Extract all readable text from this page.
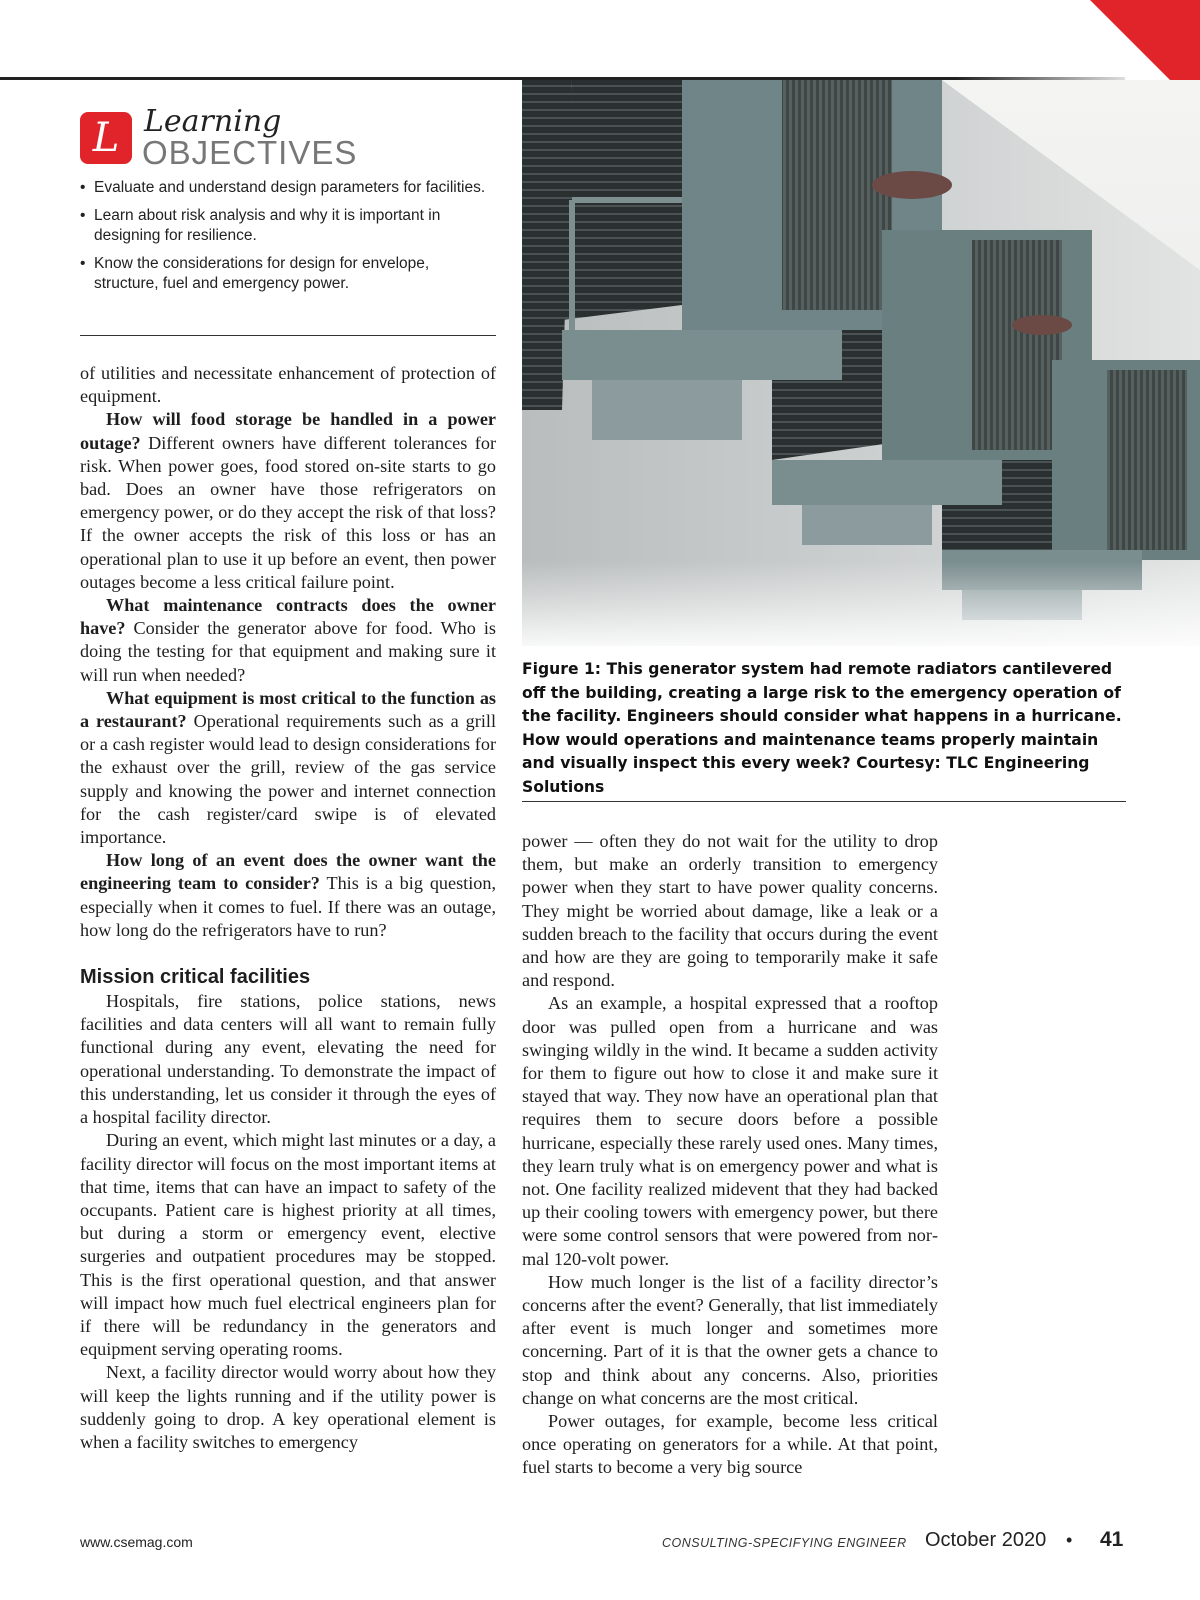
L Learning
OBJECTIVES
• Evaluate and understand design parameters for facilities.
• Learn about risk analysis and why it is important in designing for resilience.
• Know the considerations for design for envelope, structure, fuel and emergency power.

of utilities and necessitate enhancement of protection of equipment.

How will food storage be handled in a power outage? Different owners have different tolerances for risk. When power goes, food stored on-site starts to go bad. Does an owner have those refrigerators on emergency power, or do they accept the risk of that loss? If the owner accepts the risk of this loss or has an operational plan to use it up before an event, then power outages become a less critical failure point.

What maintenance contracts does the owner have? Consider the generator above for food. Who is doing the testing for that equipment and making sure it will run when needed?

What equipment is most critical to the function as a restaurant? Operational requirements such as a grill or a cash register would lead to design considerations for the exhaust over the grill, review of the gas service supply and knowing the power and internet connection for the cash register/card swipe is of elevated importance.

How long of an event does the owner want the engineering team to consider? This is a big question, especially when it comes to fuel. If there was an outage, how long do the refrigerators have to run?

Mission critical facilities

Hospitals, fire stations, police stations, news facilities and data centers will all want to remain fully functional during any event, elevating the need for operational understanding. To demonstrate the impact of this understanding, let us consider it through the eyes of a hospital facility director.

During an event, which might last minutes or a day, a facility director will focus on the most important items at that time, items that can have an impact to safety of the occupants. Patient care is highest priority at all times, but during a storm or emergency event, elective surgeries and outpatient procedures may be stopped. This is the first operational question, and that answer will impact how much fuel electrical engineers plan for if there will be redundancy in the generators and equipment serving operating rooms.

Next, a facility director would worry about how they will keep the lights running and if the utility power is suddenly going to drop. A key operational element is when a facility switches to emergency

Figure 1: This generator system had remote radiators cantilevered off the building, creating a large risk to the emergency operation of the facility. Engineers should consider what happens in a hurricane. How would operations and maintenance teams properly maintain and visually inspect this every week? Courtesy: TLC Engineering Solutions

power — often they do not wait for the utility to drop them, but make an orderly transition to emergency power when they start to have power quality concerns. They might be worried about damage, like a leak or a sudden breach to the facility that occurs during the event and how are they are going to temporarily make it safe and respond.

As an example, a hospital expressed that a rooftop door was pulled open from a hurricane and was swinging wildly in the wind. It became a sudden activity for them to figure out how to close it and make sure it stayed that way. They now have an operational plan that requires them to secure doors before a possible hurricane, especially these rarely used ones. Many times, they learn truly what is on emergency power and what is not. One facility realized midevent that they had backed up their cooling towers with emergency power, but there were some control sensors that were powered from normal 120-volt power.

How much longer is the list of a facility director’s concerns after the event? Generally, that list immediately after event is much longer and sometimes more concerning. Part of it is that the owner gets a chance to stop and think about any concerns. Also, priorities change on what concerns are the most critical.

Power outages, for example, become less critical once operating on generators for a while. At that point, fuel starts to become a very big source

www.csemag.com	CONSULTING-SPECIFYING ENGINEER October 2020 • 41
